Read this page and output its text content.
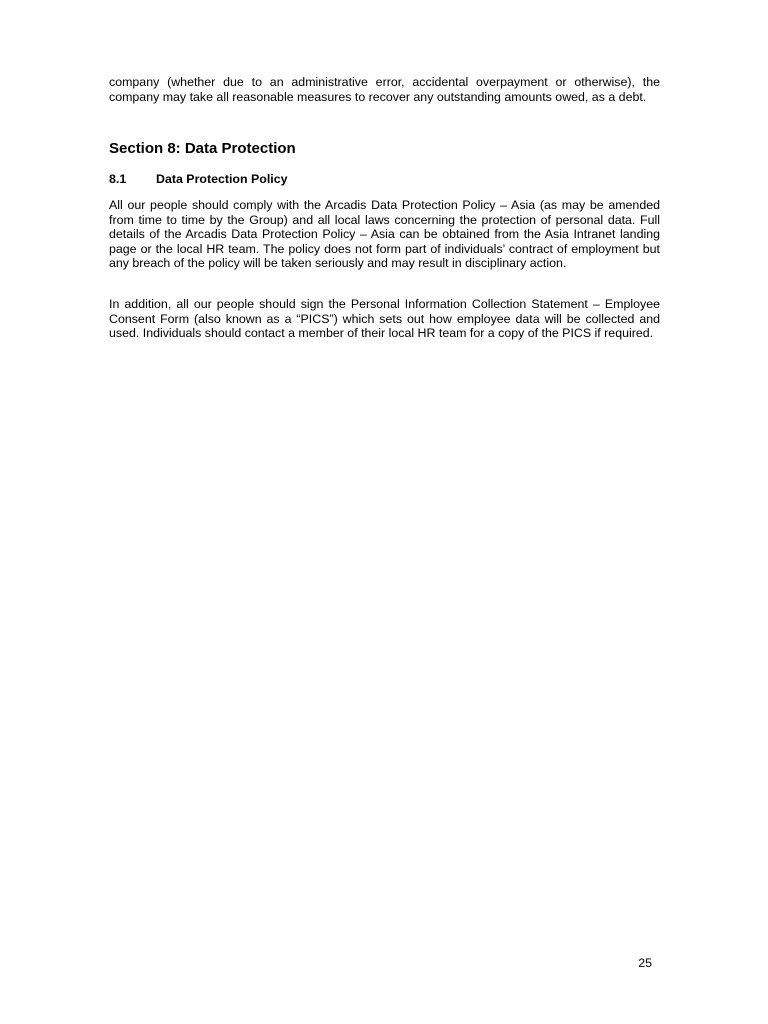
company (whether due to an administrative error, accidental overpayment or otherwise), the company may take all reasonable measures to recover any outstanding amounts owed, as a debt.

Section 8: Data Protection
8.1 Data Protection Policy

All our people should comply with the Arcadis Data Protection Policy – Asia (as may be amended from time to time by the Group) and all local laws concerning the protection of personal data. Full details of the Arcadis Data Protection Policy – Asia can be obtained from the Asia Intranet landing page or the local HR team. The policy does not form part of individuals’ contract of employment but any breach of the policy will be taken seriously and may result in disciplinary action.

In addition, all our people should sign the Personal Information Collection Statement – Employee Consent Form (also known as a “PICS”) which sets out how employee data will be collected and used. Individuals should contact a member of their local HR team for a copy of the PICS if required.

25
